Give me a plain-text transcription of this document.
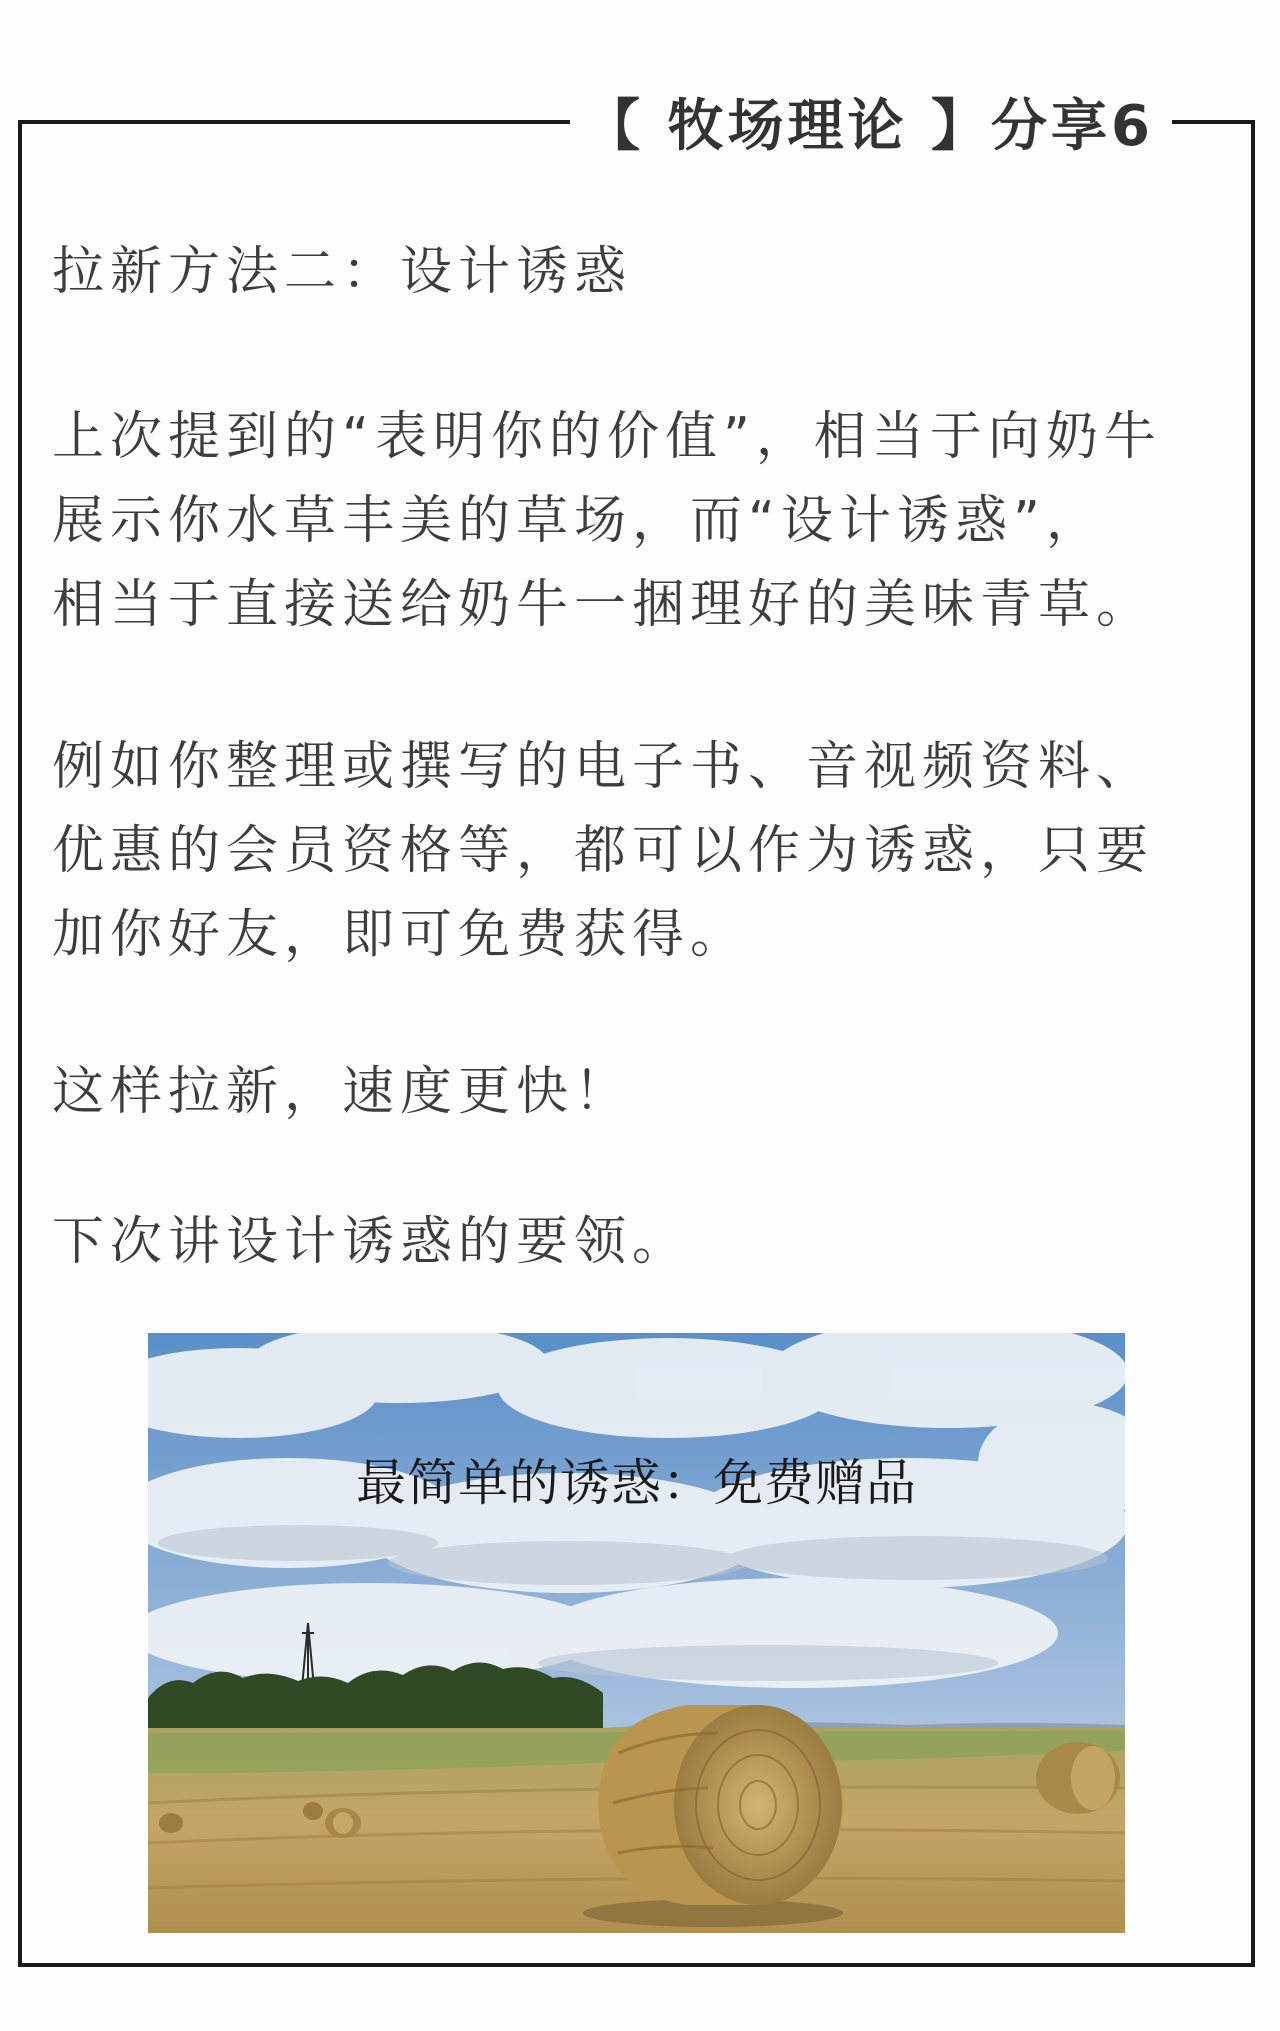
【 牧场理论 】分享6

拉新方法二：设计诱惑

上次提到的“表明你的价值”，相当于向奶牛
展示你水草丰美的草场，而“设计诱惑”，
相当于直接送给奶牛一捆理好的美味青草。

例如你整理或撰写的电子书、音视频资料、
优惠的会员资格等，都可以作为诱惑，只要
加你好友，即可免费获得。

这样拉新，速度更快！

下次讲设计诱惑的要领。

最简单的诱惑：免费赠品
